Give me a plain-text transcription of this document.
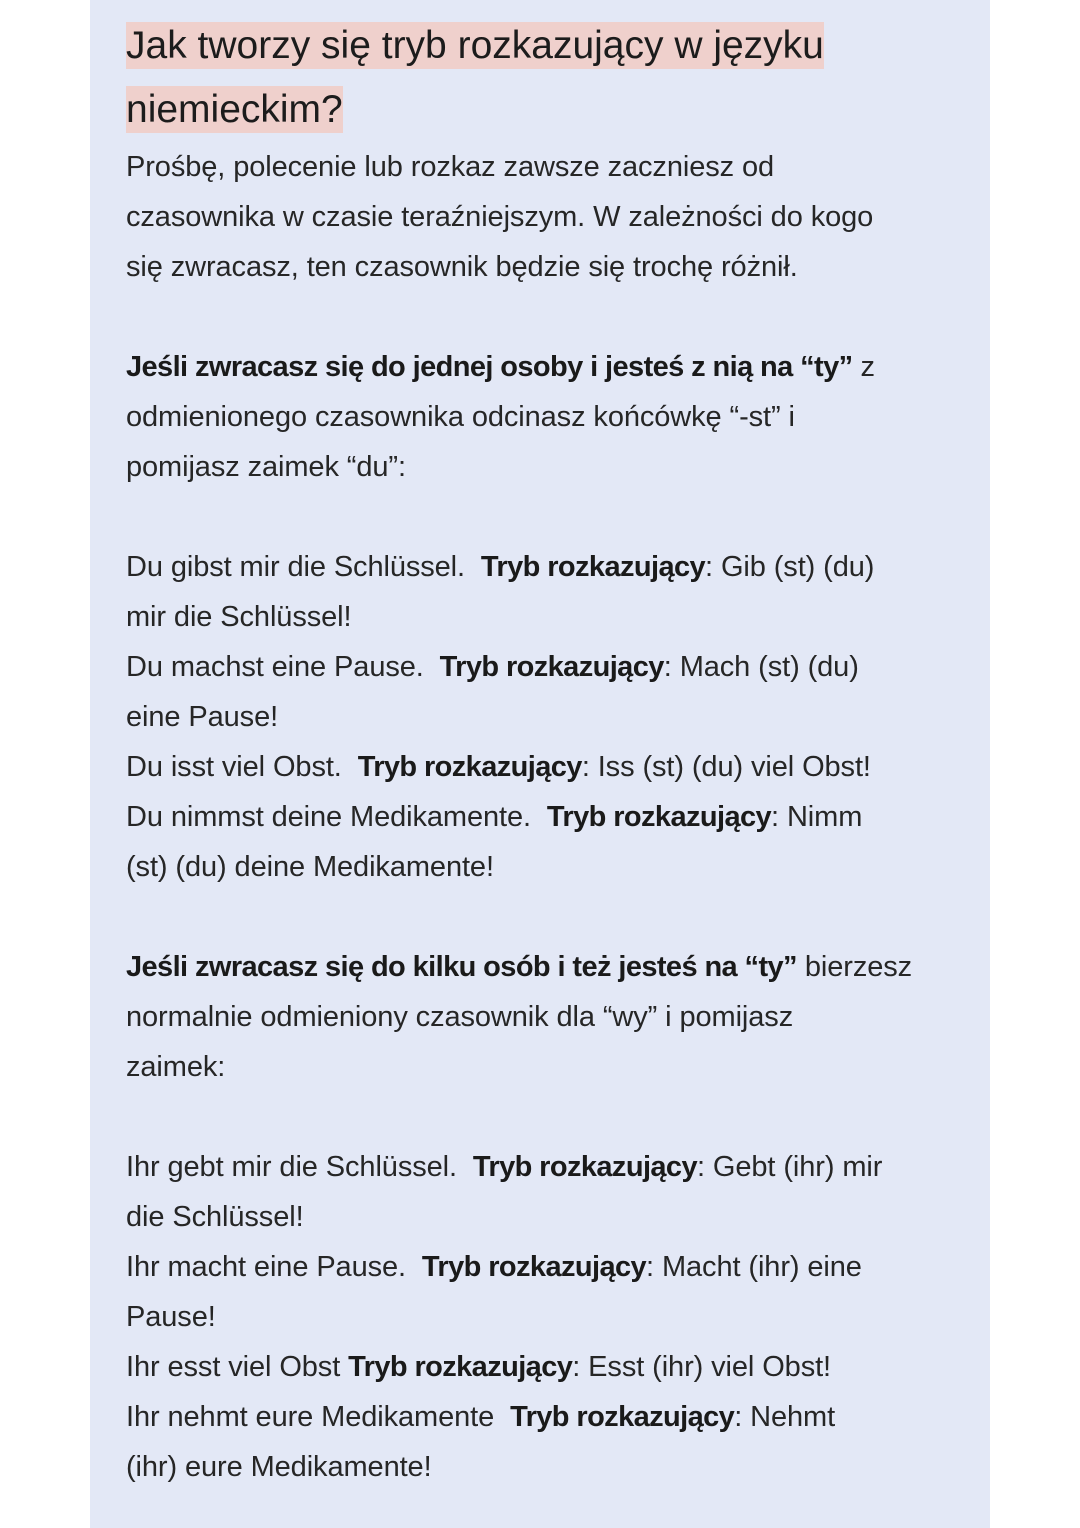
Jak tworzy się tryb rozkazujący w języku
niemieckim?

Prośbę, polecenie lub rozkaz zawsze zaczniesz od

czasownika w czasie teraźniejszym. W zależności do kogo

się zwracasz, ten czasownik będzie się trochę różnił.

Jeśli zwracasz się do jednej osoby i jesteś z nią na “ty” z

odmienionego czasownika odcinasz końcówkę “-st” i

pomijasz zaimek “du”:

Du gibst mir die Schlüssel. Tryb rozkazujący: Gib (st) (du)

mir die Schlüssel!

Du machst eine Pause. Tryb rozkazujący: Mach (st) (du)

eine Pause!

Du isst viel Obst. Tryb rozkazujący: Iss (st) (du) viel Obst!

Du nimmst deine Medikamente. Tryb rozkazujący: Nimm

(st) (du) deine Medikamente!

Jeśli zwracasz się do kilku osób i też jesteś na “ty” bierzesz

normalnie odmieniony czasownik dla “wy” i pomijasz

zaimek:

Ihr gebt mir die Schlüssel. Tryb rozkazujący: Gebt (ihr) mir

die Schlüssel!

Ihr macht eine Pause. Tryb rozkazujący: Macht (ihr) eine

Pause!

Ihr esst viel Obst Tryb rozkazujący: Esst (ihr) viel Obst!

Ihr nehmt eure Medikamente Tryb rozkazujący: Nehmt

(ihr) eure Medikamente!
